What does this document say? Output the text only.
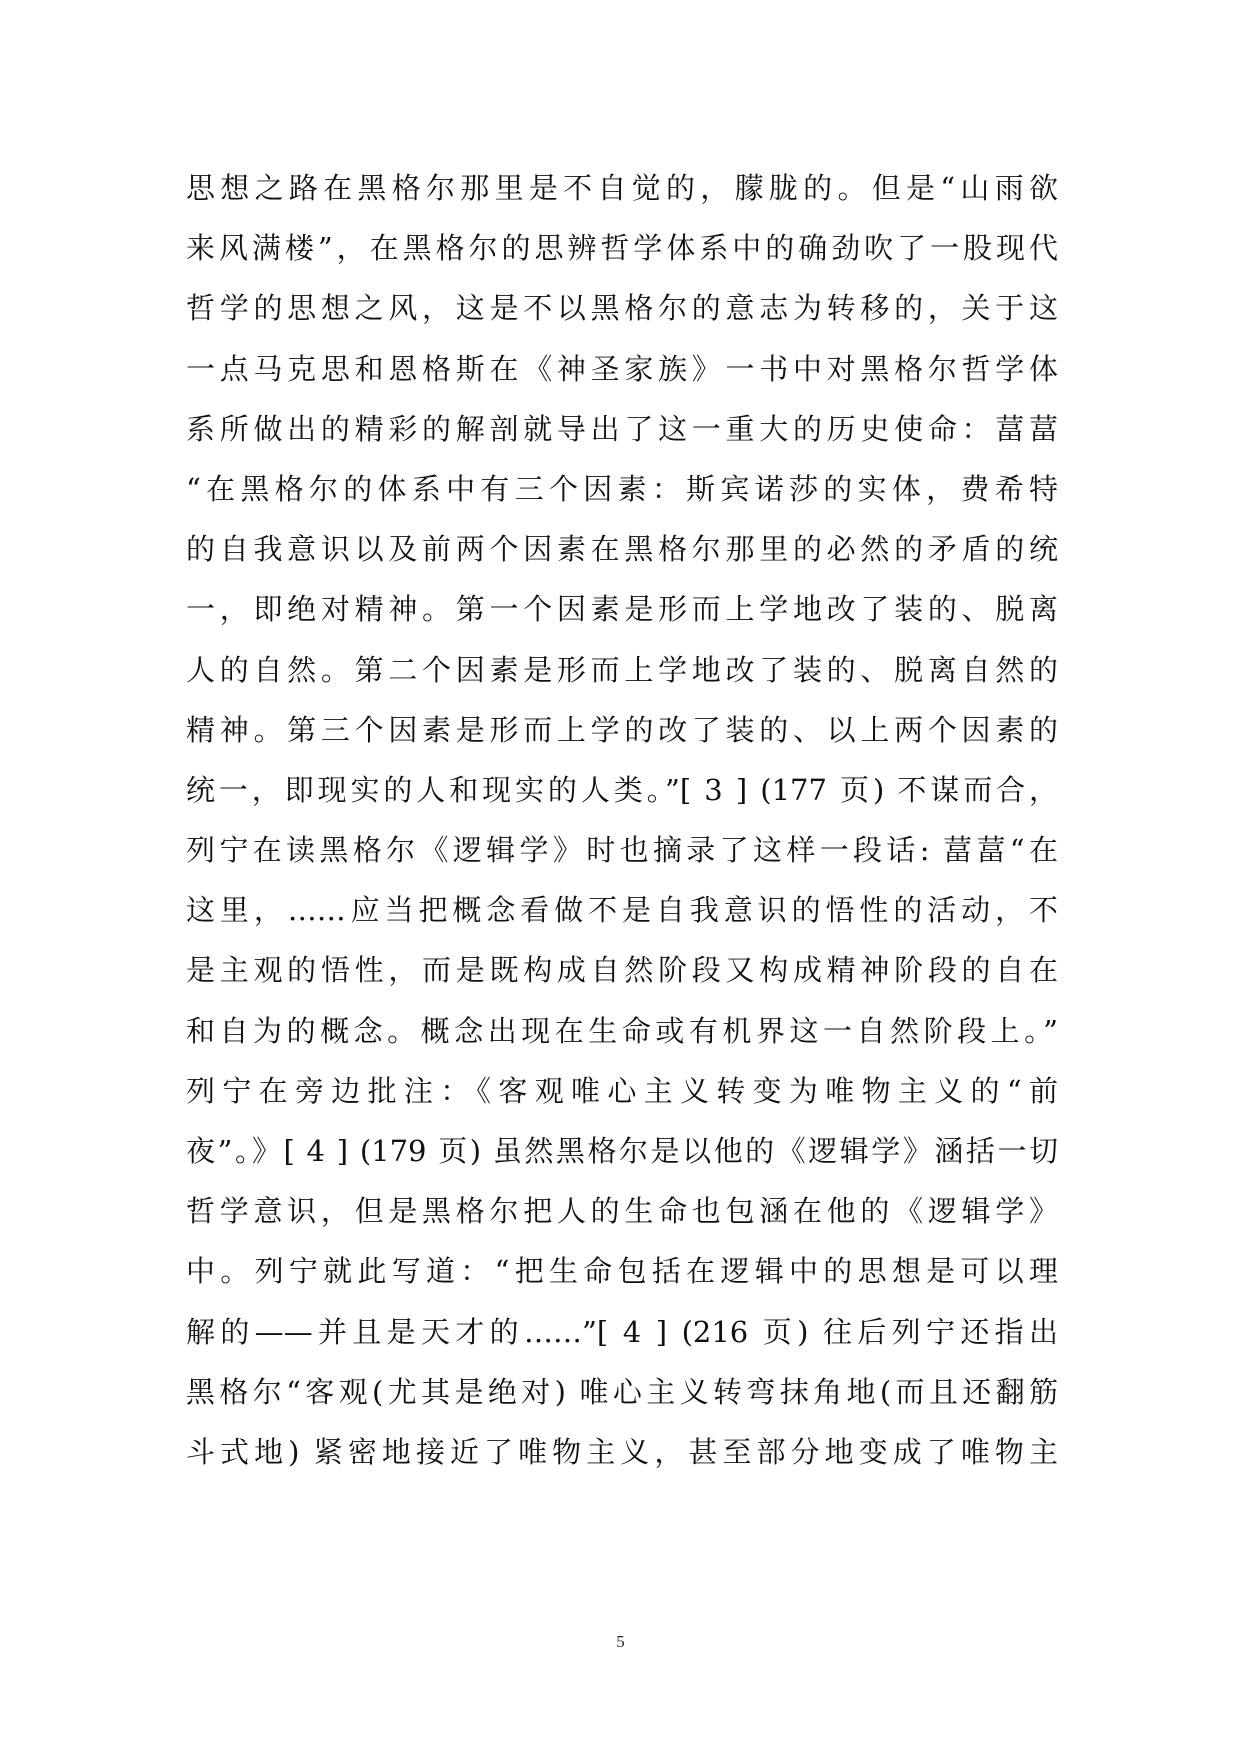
思想之路在黑格尔那里是不自觉的，朦胧的。但是“山雨欲
来风满楼”，在黑格尔的思辨哲学体系中的确劲吹了一股现代
哲学的思想之风，这是不以黑格尔的意志为转移的，关于这
一点马克思和恩格斯在《神圣家族》一书中对黑格尔哲学体
系所做出的精彩的解剖就导出了这一重大的历史使命：葍葍
“在黑格尔的体系中有三个因素：斯宾诺莎的实体，费希特
的自我意识以及前两个因素在黑格尔那里的必然的矛盾的统
一，即绝对精神。第一个因素是形而上学地改了装的、脱离
人的自然。第二个因素是形而上学地改了装的、脱离自然的
精神。第三个因素是形而上学的改了装的、以上两个因素的
统一，即现实的人和现实的人类。”[ 3 ] (177 页) 不谋而合，
列宁在读黑格尔《逻辑学》时也摘录了这样一段话: 葍葍“在
这里，……应当把概念看做不是自我意识的悟性的活动，不
是主观的悟性，而是既构成自然阶段又构成精神阶段的自在
和自为的概念。概念出现在生命或有机界这一自然阶段上。”
列宁在旁边批注：《客观唯心主义转变为唯物主义的“前
夜”。》[ 4 ] (179 页) 虽然黑格尔是以他的《逻辑学》涵括一切
哲学意识，但是黑格尔把人的生命也包涵在他的《逻辑学》
中。列宁就此写道：“把生命包括在逻辑中的思想是可以理
解的——并且是天才的……”[ 4 ] (216 页) 往后列宁还指出
黑格尔“客观(尤其是绝对) 唯心主义转弯抹角地(而且还翻筋
斗式地) 紧密地接近了唯物主义，甚至部分地变成了唯物主
5
